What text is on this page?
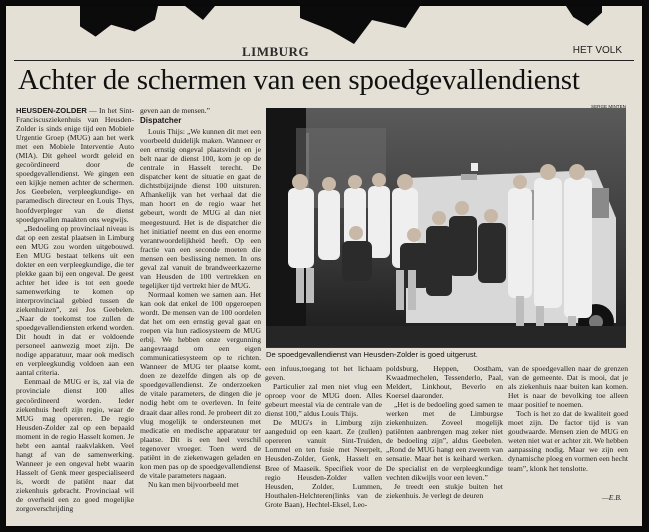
LIMBURG	HET VOLK
Achter de schermen van een spoedgevallendienst

HEUSDEN-ZOLDER — In het Sint-Franciscusziekenhuis van Heusden-Zolder is sinds enige tijd een Mobiele Urgentie Groep (MUG) aan het werk met een Mobiele Interventie Auto (MIA). Dit geheel wordt geleid en gecoördineerd door de spoedgevallendienst. We gingen een een kijkje nemen achter de schermen. Jos Geebelen, verpleegkundige- en paramedisch directeur en Louis Thys, hoofdverpleger van de dienst spoedgevallen maakten ons wegwijs.

„Bedoeling op provinciaal niveau is dat op een zestal plaatsen in Limburg een MUG zou worden uitgebouwd. Een MUG bestaat telkens uit een dokter en een verpleegkundige, die ter plekke gaan bij een ongeval. De geest achter het idee is tot een goede samenwerking te komen op interprovinciaal gebied tussen de ziekenhuizen”, zei Jos Geebelen. „Naar de toekomst toe zullen de spoedgevallendiensten erkend worden. Dit houdt in dat er voldoende personeel aanwezig moet zijn. De nodige apparatuur, maar ook medisch en verpleegkundig voldoen aan een aantal criteria.

Eenmaal de MUG er is, zal via de provinciale dienst 100 alles gecoördineerd worden. Ieder ziekenhuis heeft zijn regio, waar de MUG mag opereren. De regio Heusden-Zolder zal op een bepaald moment in de regio Hasselt komen. Je hebt een aantal raakvlakken. Veel hangt af van de samenwerking. Wanneer je een ongeval hebt waarin Hasselt of Genk meer gespecialiseerd is, wordt de patiënt naar dat ziekenhuis gebracht. Provinciaal wil de overheid een zo goed mogelijke zorgoverschrijding

geven aan de mensen.”

Dispatcher

Louis Thijs: „We kunnen dit met een voorbeeld duidelijk maken. Wanneer er een ernstig ongeval plaatsvindt en je belt naar de dienst 100, kom je op de centrale in Hasselt terecht. De dispatcher kent de situatie en gaat de dichtstbijzijnde dienst 100 uitsturen. Afhankelijk van het verhaal dat die man hoort en de regio waar het gebeurt, wordt de MUG al dan niet meegestuurd. Het is de dispatcher die het initiatief neemt en dus een enorme verantwoordelijkheid heeft. Op een fractie van een seconde moeten die mensen een beslissing nemen. In ons geval zal vanuit de brandweerkazerne van Heusden de 100 vertrekken en tegelijker tijd vertrekt hier de MUG.

Normaal komen we samen aan. Het kan ook dat enkel de 100 opgeroepen wordt. De mensen van de 100 oordelen dat het om een ernstig geval gaat en roepen via hun radiosysteem de MUG erbij. We hebben onze vergunning aangevraagd om een eigen communicatiesysteem op te richten. Wanneer de MUG ter plaatse komt, doen ze dezelfde dingen als op de spoedgevallendienst. Ze onderzoeken de vitale parameters, de dingen die je nodig hebt om te overleven. In feite draait daar alles rond. Je probeert dit zo vlug mogelijk te ondersteunen met medicatie en medische apparatuur ter plaatse. Dit is een heel verschil tegenover vroeger. Toen werd de patiënt in de ziekenwagen geladen en kon men pas op de spoedgevallendienst de vitale parameters nagaan.

Nu kan men bijvoorbeeld met

SERGE MINTEN
De spoedgevallendienst van Heusden-Zolder is goed uitgerust.

een infuus,toegang tot het lichaam geven.

Particulier zal men niet vlug een oproep voor de MUG doen. Alles gebeurt meestal via de centrale van de dienst 100,” aldus Louis Thijs.

De MUG's in Limburg zijn aangeduid op een kaart. Ze (zullen) opereren vanuit Sint-Truiden, Lommel en ten fusie met Neerpelt, Heusden-Zolder, Genk, Hasselt en Bree of Maaseik. Specifiek voor de regio Heusden-Zolder vallen Heusden, Zolder, Lummen, Houthalen-Helchteren(links van de Grote Baan), Hechtel-Eksel, Leo-

poldsburg, Heppen, Oostham, Kwaadmechelen, Tessenderlo, Paal, Meldert, Linkhout, Beverlo en Koersel daaronder.

„Het is de bedoeling goed samen te werken met de Limburgse ziekenhuizen. Zoveel mogelijk patiënten aanbrengen mag zeker niet de bedoeling zijn”, aldus Geebelen. „Rond de MUG hangt een zweem van sensatie. Maar het is keihard werken. De specialist en de verpleegkundige vechten dikwijls voor een leven.”

Je treedt een stukje buiten het ziekenhuis. Je verlegt de deuren

van de spoedgevallen naar de grenzen van de gemeente. Dat is mooi, dat je als ziekenhuis naar buiten kan komen. Het is naar de bevolking toe alleen maar positief te noemen.

Toch is het zo dat de kwaliteit goed moet zijn. De factor tijd is van goudwaarde. Mensen zien de MUG en weten niet wat er achter zit. We hebben aanpassing nodig. Maar we zijn een dynamische ploeg en vormen een hecht team”, klonk het tenslotte.

—E.B.
